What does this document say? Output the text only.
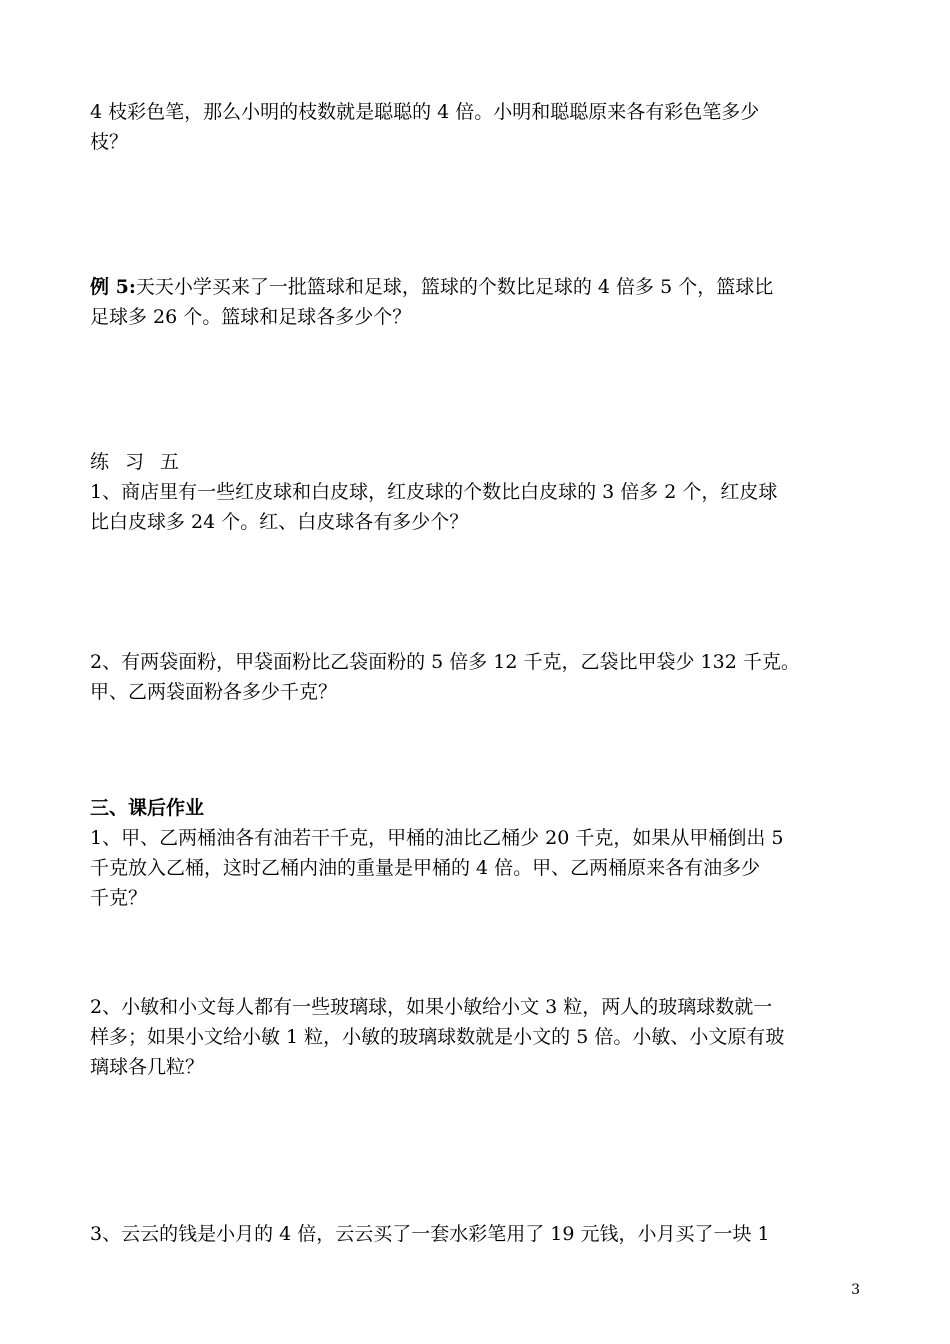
4 枝彩色笔，那么小明的枝数就是聪聪的 4 倍。小明和聪聪原来各有彩色笔多少
枝？

例 5:天天小学买来了一批篮球和足球，篮球的个数比足球的 4 倍多 5 个，篮球比
足球多 26 个。篮球和足球各多少个？

练习五
1、商店里有一些红皮球和白皮球，红皮球的个数比白皮球的 3 倍多 2 个，红皮球
比白皮球多 24 个。红、白皮球各有多少个？

2、有两袋面粉，甲袋面粉比乙袋面粉的 5 倍多 12 千克，乙袋比甲袋少 132 千克。
甲、乙两袋面粉各多少千克？

三、课后作业
1、甲、乙两桶油各有油若干千克，甲桶的油比乙桶少 20 千克，如果从甲桶倒出 5
千克放入乙桶，这时乙桶内油的重量是甲桶的 4 倍。甲、乙两桶原来各有油多少
千克？

2、小敏和小文每人都有一些玻璃球，如果小敏给小文 3 粒，两人的玻璃球数就一
样多；如果小文给小敏 1 粒，小敏的玻璃球数就是小文的 5 倍。小敏、小文原有玻
璃球各几粒？

3、云云的钱是小月的 4 倍，云云买了一套水彩笔用了 19 元钱，小月买了一块 1

3
